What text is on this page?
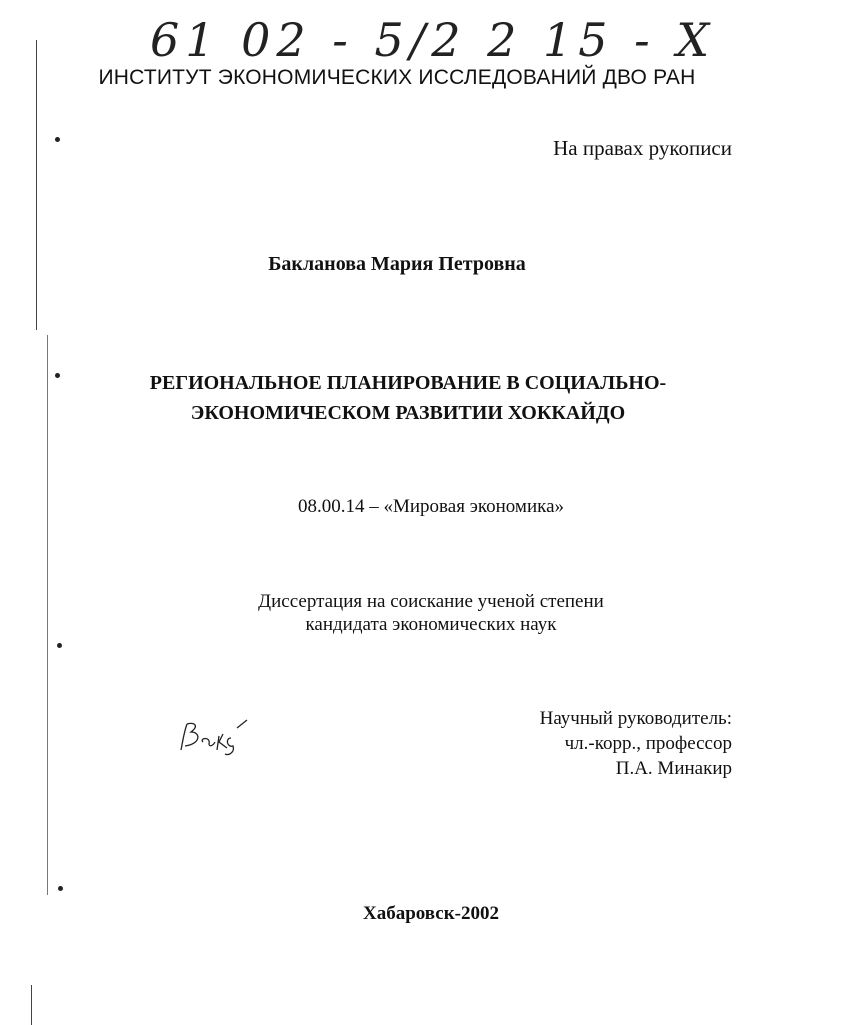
61 02 - 5/2 2 15 - X
ИНСТИТУТ ЭКОНОМИЧЕСКИХ ИССЛЕДОВАНИЙ ДВО РАН
На правах рукописи
Бакланова Мария Петровна
РЕГИОНАЛЬНОЕ ПЛАНИРОВАНИЕ В СОЦИАЛЬНО-
ЭКОНОМИЧЕСКОМ РАЗВИТИИ ХОККАЙДО
08.00.14 – «Мировая экономика»
Диссертация на соискание ученой степени
кандидата экономических наук
Научный руководитель:
чл.-корр., профессор
П.А. Минакир
Хабаровск-2002
